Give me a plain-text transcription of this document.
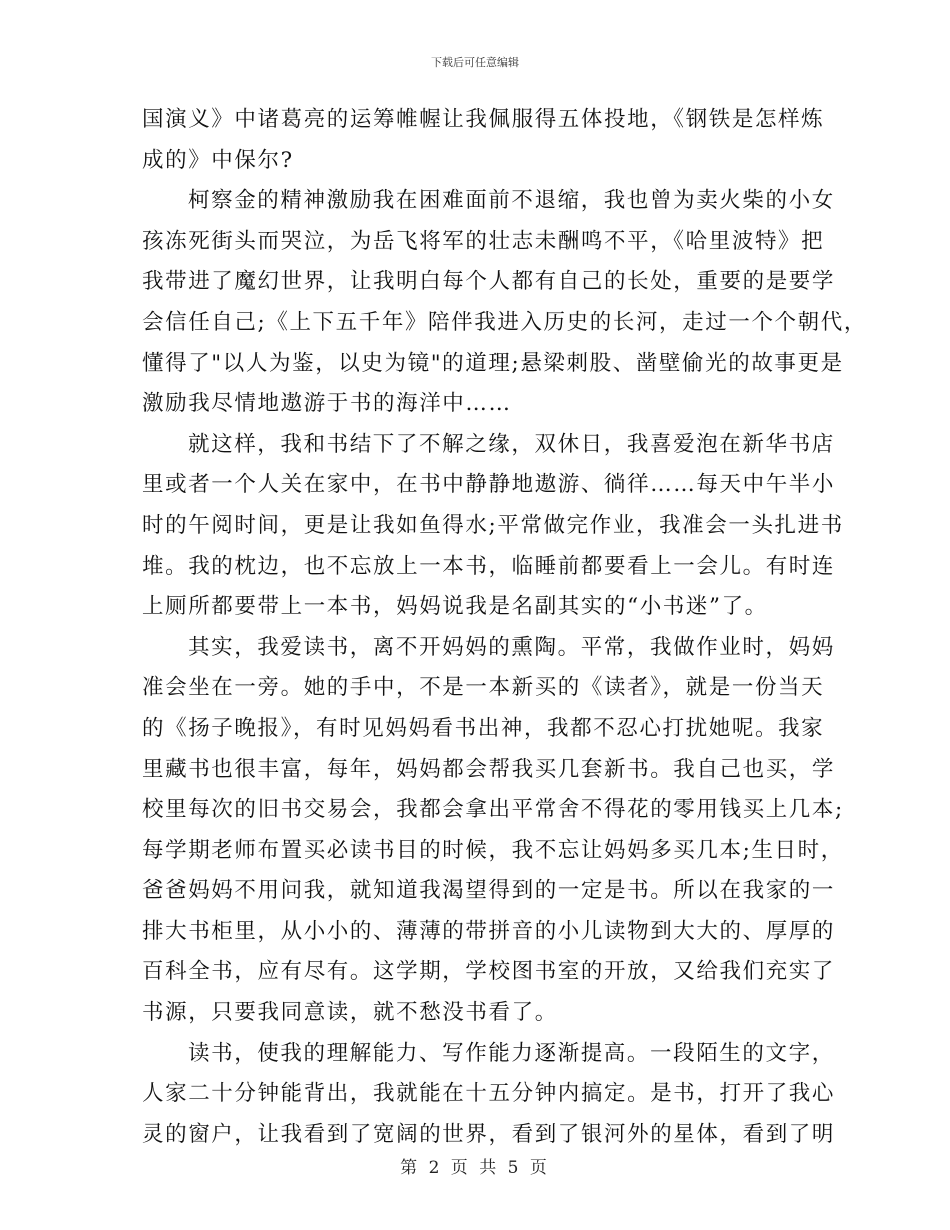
下载后可任意编辑
国演义》中诸葛亮的运筹帷幄让我佩服得五体投地，《钢铁是怎样炼
成的》中保尔?
柯察金的精神激励我在困难面前不退缩，我也曾为卖火柴的小女
孩冻死街头而哭泣，为岳飞将军的壮志未酬鸣不平，《哈里波特》把
我带进了魔幻世界，让我明白每个人都有自己的长处，重要的是要学
会信任自己;《上下五千年》陪伴我进入历史的长河，走过一个个朝代，
懂得了"以人为鉴，以史为镜"的道理;悬梁刺股、凿壁偷光的故事更是
激励我尽情地遨游于书的海洋中……
就这样，我和书结下了不解之缘，双休日，我喜爱泡在新华书店
里或者一个人关在家中，在书中静静地遨游、徜徉……每天中午半小
时的午阅时间，更是让我如鱼得水;平常做完作业，我准会一头扎进书
堆。我的枕边，也不忘放上一本书，临睡前都要看上一会儿。有时连
上厕所都要带上一本书，妈妈说我是名副其实的“小书迷”了。
其实，我爱读书，离不开妈妈的熏陶。平常，我做作业时，妈妈
准会坐在一旁。她的手中，不是一本新买的《读者》，就是一份当天
的《扬子晚报》，有时见妈妈看书出神，我都不忍心打扰她呢。我家
里藏书也很丰富，每年，妈妈都会帮我买几套新书。我自己也买，学
校里每次的旧书交易会，我都会拿出平常舍不得花的零用钱买上几本;
每学期老师布置买必读书目的时候，我不忘让妈妈多买几本;生日时，
爸爸妈妈不用问我，就知道我渴望得到的一定是书。所以在我家的一
排大书柜里，从小小的、薄薄的带拼音的小儿读物到大大的、厚厚的
百科全书，应有尽有。这学期，学校图书室的开放，又给我们充实了
书源，只要我同意读，就不愁没书看了。
读书，使我的理解能力、写作能力逐渐提高。一段陌生的文字，
人家二十分钟能背出，我就能在十五分钟内搞定。是书，打开了我心
灵的窗户，让我看到了宽阔的世界，看到了银河外的星体，看到了明
第 2 页 共 5 页
